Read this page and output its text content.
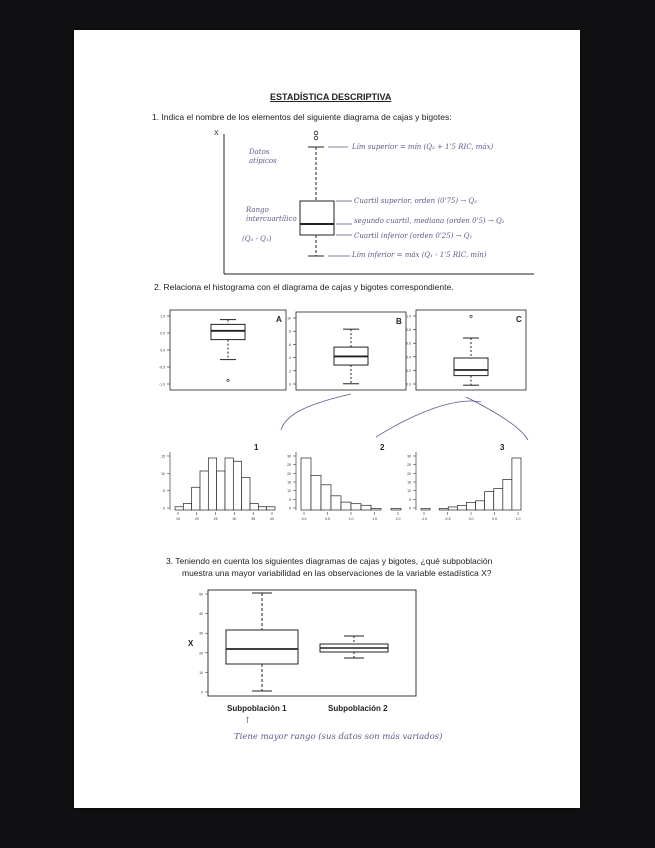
ESTADÍSTICA DESCRIPTIVA
1. Indica el nombre de los elementos del siguiente diagrama de cajas y bigotes:
X
Datos atípicos
Lím superior = mín (Q₃ + 1'5 RIC, máx)
Cuartil superior, orden (0'75) → Q₃
Rango intercuartílico
(Q₃ - Q₁)
segundo cuartil, mediana (orden 0'5) → Q₂
Cuartil inferior (orden 0'25) → Q₁
Lím inferior = máx (Q₁ - 1'5 RIC, mín)
2. Relaciona el histograma con el diagrama de cajas y bigotes correspondiente.
A
1.0
0.5
0.0
-0.5
-1.0
B
10
8
6
4
2
0
C
1.0
0.8
0.6
0.4
0.2
0.0
1
15
10
5
0
15	20	25	30	35	40
2
30
25
20
15
10
5
0
0.0	0.5	1.0	1.5	2.0
3
30
25
20
15
10
5
0
-1.0	-0.5	0.0	0.5	1.0
3. Teniendo en cuenta los siguientes diagramas de cajas y bigotes, ¿qué subpoblación
muestra una mayor variabilidad en las observaciones de la variable estadística X?
X
50
40
30
20
10
0
Subpoblación 1	Subpoblación 2
↑
Tiene mayor rango (sus datos son más variados)
